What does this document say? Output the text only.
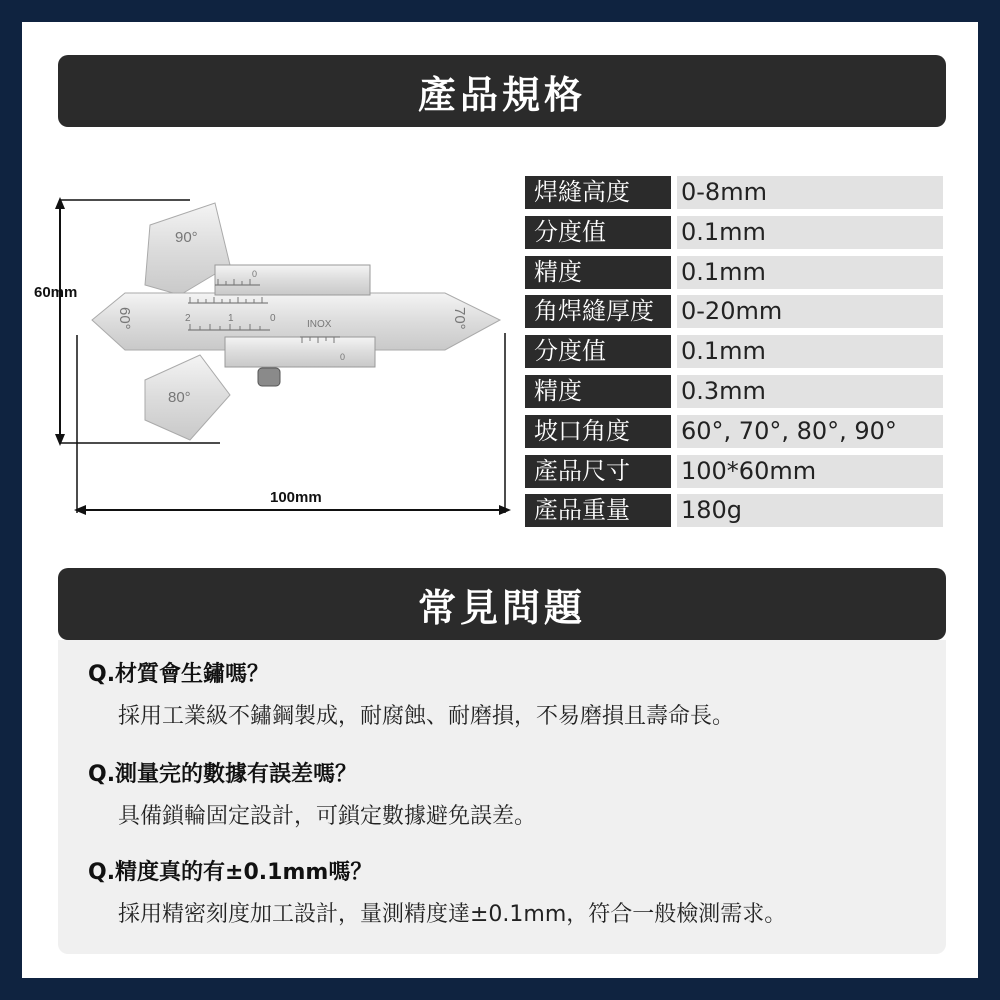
產品規格
60mm
100mm
90°
80°
60°	70°
INOX
2	1	0
0
0
焊縫高度	0-8mm
分度值	0.1mm
精度	0.1mm
角焊縫厚度	0-20mm
分度值	0.1mm
精度	0.3mm
坡口角度	60°, 70°, 80°, 90°
產品尺寸	100*60mm
產品重量	180g
常見問題
Q.材質會生鏽嗎？
採用工業級不鏽鋼製成，耐腐蝕、耐磨損，不易磨損且壽命長。
Q.測量完的數據有誤差嗎？
具備鎖輪固定設計，可鎖定數據避免誤差。
Q.精度真的有±0.1mm嗎？
採用精密刻度加工設計，量測精度達±0.1mm，符合一般檢測需求。
